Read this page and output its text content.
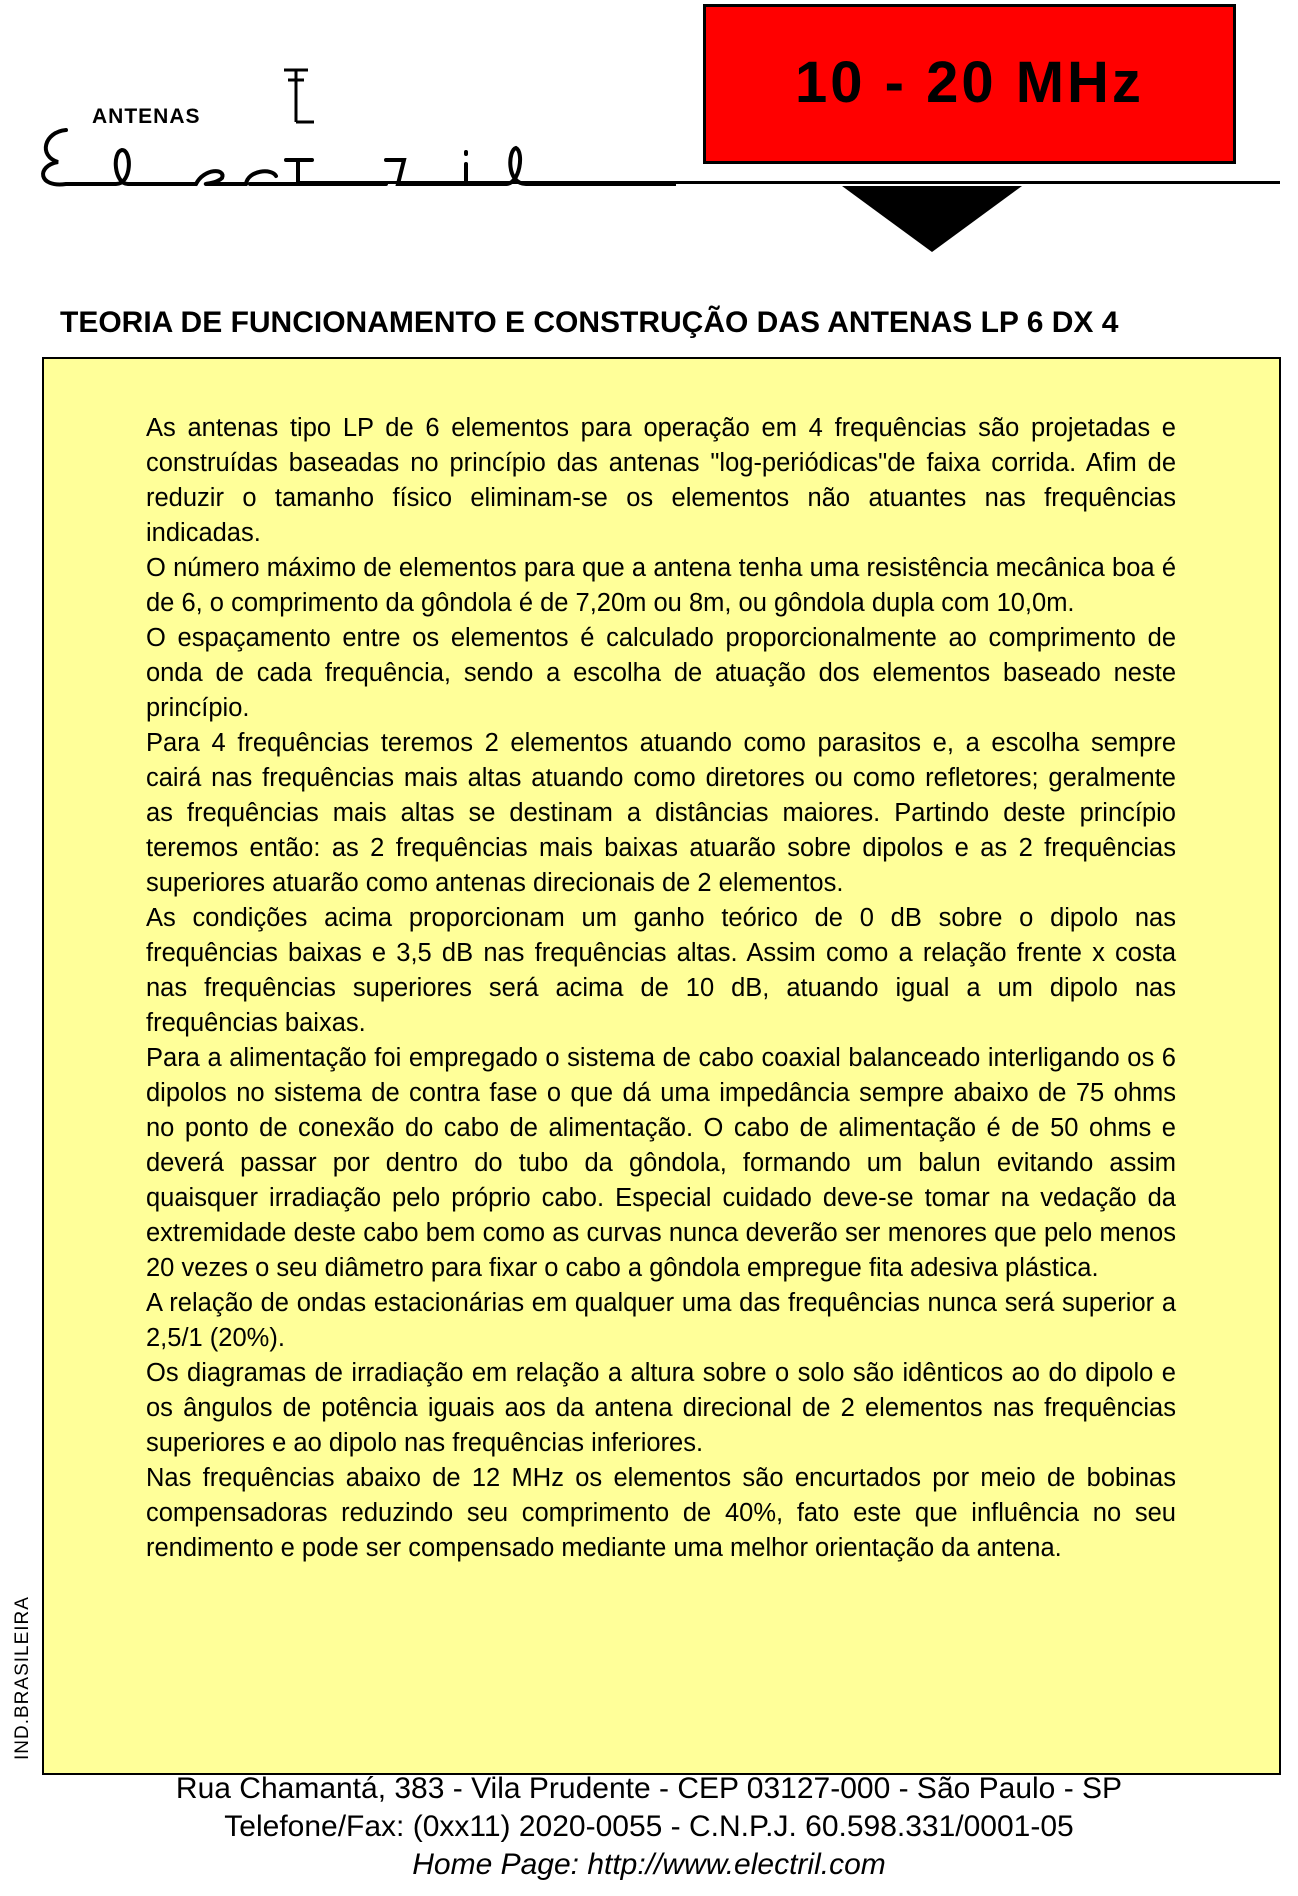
ANTENAS
10 - 20 MHz
TEORIA DE FUNCIONAMENTO E CONSTRUÇÃO DAS ANTENAS LP 6 DX 4

As antenas tipo LP de 6 elementos para operação em 4 frequências são projetadas e construídas baseadas no princípio das antenas "log-periódicas"de faixa corrida. Afim de reduzir o tamanho físico eliminam-se os elementos não atuantes nas frequências indicadas.

O número máximo de elementos para que a antena tenha uma resistência mecânica boa é de 6, o comprimento da gôndola é de 7,20m ou 8m, ou gôndola dupla com 10,0m.

O espaçamento entre os elementos é calculado proporcionalmente ao comprimento de onda de cada frequência, sendo a escolha de atuação dos elementos baseado neste princípio.

Para 4 frequências teremos 2 elementos atuando como parasitos e, a escolha sempre cairá nas frequências mais altas atuando como diretores ou como refletores; geralmente as frequências mais altas se destinam a distâncias maiores. Partindo deste princípio teremos então: as 2 frequências mais baixas atuarão sobre dipolos e as 2 frequências superiores atuarão como antenas direcionais de 2 elementos.

As condições acima proporcionam um ganho teórico de 0 dB sobre o dipolo nas frequências baixas e 3,5 dB nas frequências altas. Assim como a relação frente x costa nas frequências superiores será acima de 10 dB, atuando igual a um dipolo nas frequências baixas.

Para a alimentação foi empregado o sistema de cabo coaxial balanceado interligando os 6 dipolos no sistema de contra fase o que dá uma impedância sempre abaixo de 75 ohms no ponto de conexão do cabo de alimentação. O cabo de alimentação é de 50 ohms e deverá passar por dentro do tubo da gôndola, formando um balun evitando assim quaisquer irradiação pelo próprio cabo. Especial cuidado deve-se tomar na vedação da extremidade deste cabo bem como as curvas nunca deverão ser menores que pelo menos 20 vezes o seu diâmetro para fixar o cabo a gôndola empregue fita adesiva plástica.

A relação de ondas estacionárias em qualquer uma das frequências nunca será superior a 2,5/1 (20%).

Os diagramas de irradiação em relação a altura sobre o solo são idênticos ao do dipolo e os ângulos de potência iguais aos da antena direcional de 2 elementos nas frequências superiores e ao dipolo nas frequências inferiores.

Nas frequências abaixo de 12 MHz os elementos são encurtados por meio de bobinas compensadoras reduzindo seu comprimento de 40%, fato este que influência no seu rendimento e pode ser compensado mediante uma melhor orientação da antena.

IND.BRASILEIRA
Rua Chamantá, 383 - Vila Prudente - CEP 03127-000 - São Paulo - SP
Telefone/Fax: (0xx11) 2020-0055 - C.N.P.J. 60.598.331/0001-05
Home Page: http://www.electril.com
